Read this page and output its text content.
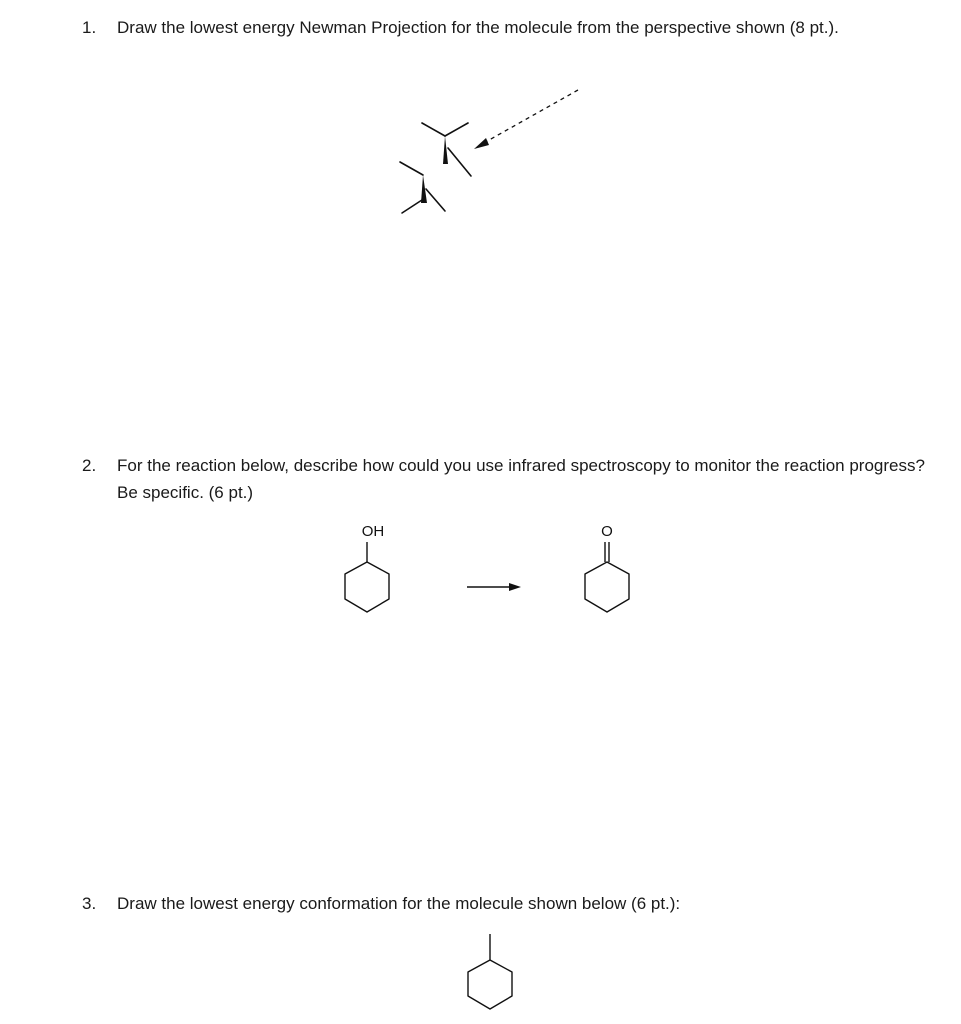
1.	Draw the lowest energy Newman Projection for the molecule from the perspective shown (8 pt.).
2.	For the reaction below, describe how could you use infrared spectroscopy to monitor the reaction progress? Be specific. (6 pt.)
OH	O
3.	Draw the lowest energy conformation for the molecule shown below (6 pt.):
